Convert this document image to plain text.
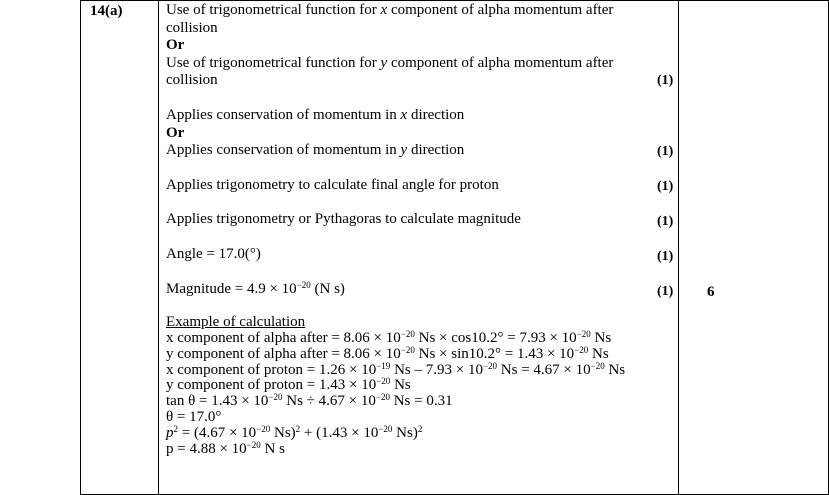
14(a)	Use of trigonometrical function for x component of alpha momentum after

collision

Or

Use of trigonometrical function for y component of alpha momentum after

collision

Applies conservation of momentum in x direction

Or

Applies conservation of momentum in y direction

Applies trigonometry to calculate final angle for proton

Applies trigonometry or Pythagoras to calculate magnitude

Angle = 17.0(°)

Magnitude = $4.9 \times 10^{-20}$ (N s)

Example of calculation

x component of alpha after = $8.06 \times 10^{-20}$ $Ns \times \cos 10.2^\circ = 7.93 \times 10^{-20}$ Ns

y component of alpha after = $8.06 \times 10^{-20}$ $Ns \times \sin 10.2^\circ = 1.43 \times 10^{-20}$ Ns

x component of proton = $1.26 \times 10^{-19}$ $Ns - 7.93 \times 10^{-20}$ $Ns = 4.67 \times 10^{-20}$ Ns

y component of proton = $1.43 \times 10^{-20}$ Ns

$\tan \theta = 1.43 \times 10^{-20}$ $Ns \div 4.67 \times 10^{-20}$ Ns = 0.31

θ = 17.0°

$p^2 = (4.67 \times 10^{-20}$ $Ns)^2 + (1.43 \times 10^{-20}$ Ns)$^2$

$p = 4.88 \times 10^{-20}$ N s

(1)
(1)
(1)
(1)
(1)
(1) 6
